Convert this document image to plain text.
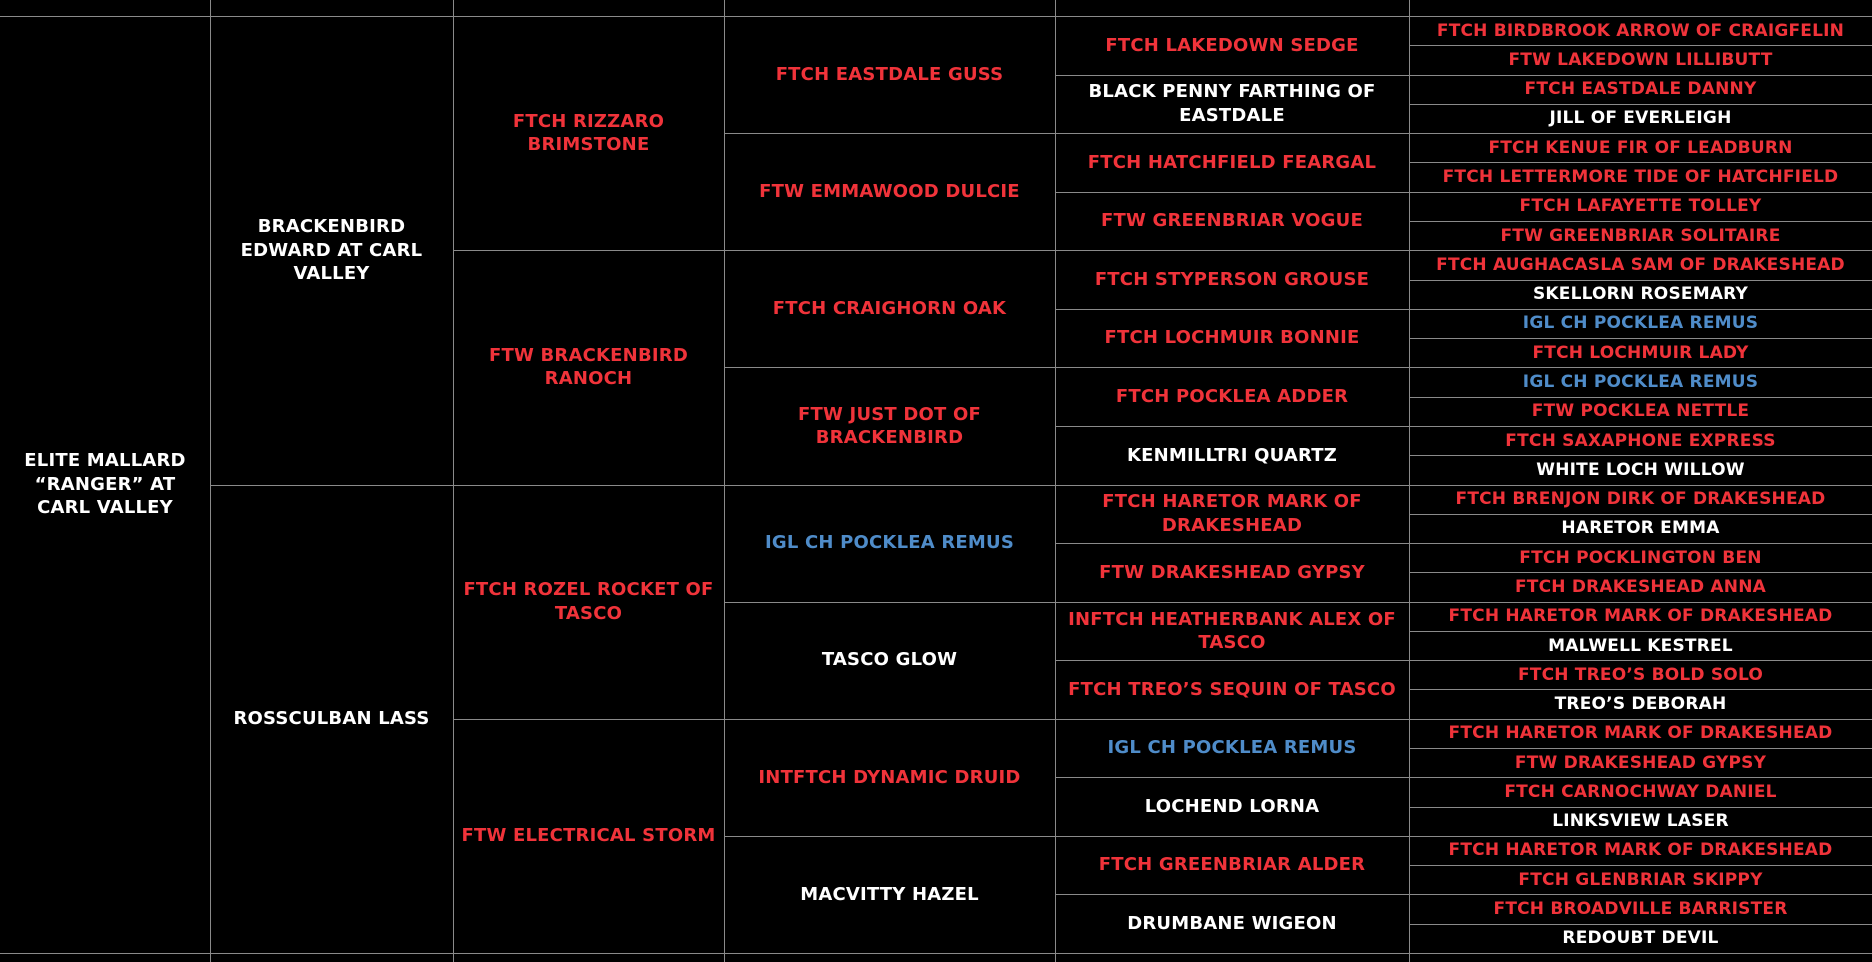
ELITE MALLARD “RANGER” AT CARL VALLEY
BRACKENBIRD EDWARD AT CARL VALLEY
ROSSCULBAN LASS
FTCH RIZZARO BRIMSTONE
FTW BRACKENBIRD RANOCH
FTCH ROZEL ROCKET OF TASCO
FTW ELECTRICAL STORM
FTCH EASTDALE GUSS
FTW EMMAWOOD DULCIE
FTCH CRAIGHORN OAK
FTW JUST DOT OF BRACKENBIRD
IGL CH POCKLEA REMUS
TASCO GLOW
INTFTCH DYNAMIC DRUID
MACVITTY HAZEL
FTCH LAKEDOWN SEDGE
BLACK PENNY FARTHING OF EASTDALE
FTCH HATCHFIELD FEARGAL
FTW GREENBRIAR VOGUE
FTCH STYPERSON GROUSE
FTCH LOCHMUIR BONNIE
FTCH POCKLEA ADDER
KENMILLTRI QUARTZ
FTCH HARETOR MARK OF DRAKESHEAD
FTW DRAKESHEAD GYPSY
INFTCH HEATHERBANK ALEX OF TASCO
FTCH TREO’S SEQUIN OF TASCO
IGL CH POCKLEA REMUS
LOCHEND LORNA
FTCH GREENBRIAR ALDER
DRUMBANE WIGEON
FTCH BIRDBROOK ARROW OF CRAIGFELIN
FTW LAKEDOWN LILLIBUTT
FTCH EASTDALE DANNY
JILL OF EVERLEIGH
FTCH KENUE FIR OF LEADBURN
FTCH LETTERMORE TIDE OF HATCHFIELD
FTCH LAFAYETTE TOLLEY
FTW GREENBRIAR SOLITAIRE
FTCH AUGHACASLA SAM OF DRAKESHEAD
SKELLORN ROSEMARY
IGL CH POCKLEA REMUS
FTCH LOCHMUIR LADY
IGL CH POCKLEA REMUS
FTW POCKLEA NETTLE
FTCH SAXAPHONE EXPRESS
WHITE LOCH WILLOW
FTCH BRENJON DIRK OF DRAKESHEAD
HARETOR EMMA
FTCH POCKLINGTON BEN
FTCH DRAKESHEAD ANNA
FTCH HARETOR MARK OF DRAKESHEAD
MALWELL KESTREL
FTCH TREO’S BOLD SOLO
TREO’S DEBORAH
FTCH HARETOR MARK OF DRAKESHEAD
FTW DRAKESHEAD GYPSY
FTCH CARNOCHWAY DANIEL
LINKSVIEW LASER
FTCH HARETOR MARK OF DRAKESHEAD
FTCH GLENBRIAR SKIPPY
FTCH BROADVILLE BARRISTER
REDOUBT DEVIL
